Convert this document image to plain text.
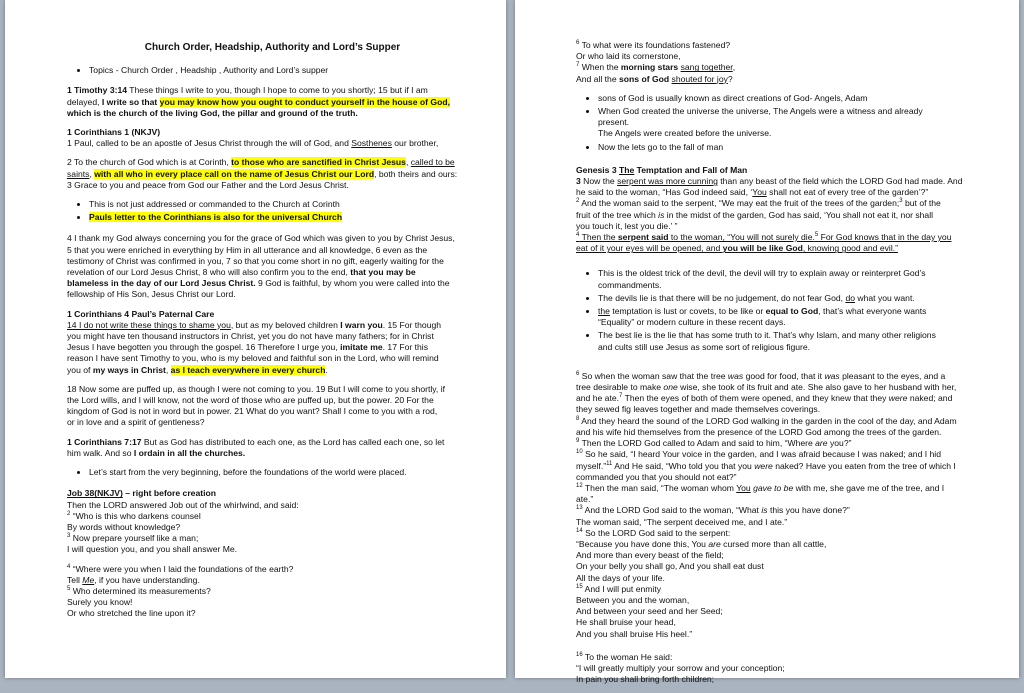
Church Order, Headship, Authority and Lord’s Supper
• Topics - Church Order , Headship , Authority and Lord’s supper

1 Timothy 3:14 These things I write to you, though I hope to come to you shortly; 15 but if I am
delayed, I write so that you may know how you ought to conduct yourself in the house of God,
which is the church of the living God, the pillar and ground of the truth.

1 Corinthians 1 (NKJV)
1 Paul, called to be an apostle of Jesus Christ through the will of God, and Sosthenes our brother,

2 To the church of God which is at Corinth, to those who are sanctified in Christ Jesus, called to be
saints, with all who in every place call on the name of Jesus Christ our Lord, both theirs and ours:
3 Grace to you and peace from God our Father and the Lord Jesus Christ.

• This is not just addressed or commanded to the Church at Corinth
• Pauls letter to the Corinthians is also for the universal Church

4 I thank my God always concerning you for the grace of God which was given to you by Christ Jesus,
5 that you were enriched in everything by Him in all utterance and all knowledge, 6 even as the
testimony of Christ was confirmed in you, 7 so that you come short in no gift, eagerly waiting for the
revelation of our Lord Jesus Christ, 8 who will also confirm you to the end, that you may be
blameless in the day of our Lord Jesus Christ. 9 God is faithful, by whom you were called into the
fellowship of His Son, Jesus Christ our Lord.

1 Corinthians 4 Paul’s Paternal Care
14 I do not write these things to shame you, but as my beloved children I warn you. 15 For though
you might have ten thousand instructors in Christ, yet you do not have many fathers; for in Christ
Jesus I have begotten you through the gospel. 16 Therefore I urge you, imitate me. 17 For this
reason I have sent Timothy to you, who is my beloved and faithful son in the Lord, who will remind
you of my ways in Christ, as I teach everywhere in every church.

18 Now some are puffed up, as though I were not coming to you. 19 But I will come to you shortly, if
the Lord wills, and I will know, not the word of those who are puffed up, but the power. 20 For the
kingdom of God is not in word but in power. 21 What do you want? Shall I come to you with a rod,
or in love and a spirit of gentleness?

1 Corinthians 7:17 But as God has distributed to each one, as the Lord has called each one, so let
him walk. And so I ordain in all the churches.

• Let’s start from the very beginning, before the foundations of the world were placed.

Job 38(NKJV) – right before creation
Then the LORD answered Job out of the whirlwind, and said:
$^2$ “Who is this who darkens counsel
By words without knowledge?
$^3$ Now prepare yourself like a man;
I will question you, and you shall answer Me.

$^4$ “Where were you when I laid the foundations of the earth?
Tell Me, if you have understanding.
$^5$ Who determined its measurements?
Surely you know!
Or who stretched the line upon it?

$^6$ To what were its foundations fastened?
Or who laid its cornerstone,
$^7$ When the morning stars sang together,
And all the sons of God shouted for joy?

• sons of God is usually known as direct creations of God- Angels, Adam
• When God created the universe the universe, The Angels were a witness and already
present.
The Angels were created before the universe.
• Now the lets go to the fall of man

Genesis 3 The Temptation and Fall of Man
3 Now the serpent was more cunning than any beast of the field which the LORD God had made. And
he said to the woman, “Has God indeed said, ‘You shall not eat of every tree of the garden’?”
$^2$ And the woman said to the serpent, “We may eat the fruit of the trees of the garden;$^3$ but of the
fruit of the tree which is in the midst of the garden, God has said, ‘You shall not eat it, nor shall
you touch it, lest you die.’ ”
$^4$ Then the serpent said to the woman, “You will not surely die.$^5$ For God knows that in the day you
eat of it your eyes will be opened, and you will be like God, knowing good and evil.”

• This is the oldest trick of the devil, the devil will try to explain away or reinterpret God’s
commandments.
• The devils lie is that there will be no judgement, do not fear God, do what you want.
• the temptation is lust or covets, to be like or equal to God, that’s what everyone wants
“Equality” or modern culture in these recent days.
• The best lie is the lie that has some truth to it. That’s why Islam, and many other religions
and cults still use Jesus as some sort of religious figure.

$^6$ So when the woman saw that the tree was good for food, that it was pleasant to the eyes, and a
tree desirable to make one wise, she took of its fruit and ate. She also gave to her husband with her,
and he ate.$^7$ Then the eyes of both of them were opened, and they knew that they were naked; and
they sewed fig leaves together and made themselves coverings.
$^8$ And they heard the sound of the LORD God walking in the garden in the cool of the day, and Adam
and his wife hid themselves from the presence of the LORD God among the trees of the garden.
$^9$ Then the LORD God called to Adam and said to him, “Where are you?”
$^{10}$ So he said, “I heard Your voice in the garden, and I was afraid because I was naked; and I hid
myself.”$^{11}$ And He said, “Who told you that you were naked? Have you eaten from the tree of which I
commanded you that you should not eat?”
$^{12}$ Then the man said, “The woman whom You gave to be with me, she gave me of the tree, and I
ate.”
$^{13}$ And the LORD God said to the woman, “What is this you have done?”
The woman said, “The serpent deceived me, and I ate.”
$^{14}$ So the LORD God said to the serpent:
“Because you have done this, You are cursed more than all cattle,
And more than every beast of the field;
On your belly you shall go, And you shall eat dust
All the days of your life.
$^{15}$ And I will put enmity
Between you and the woman,
And between your seed and her Seed;
He shall bruise your head,
And you shall bruise His heel.”

$^{16}$ To the woman He said:
“I will greatly multiply your sorrow and your conception;
In pain you shall bring forth children;
